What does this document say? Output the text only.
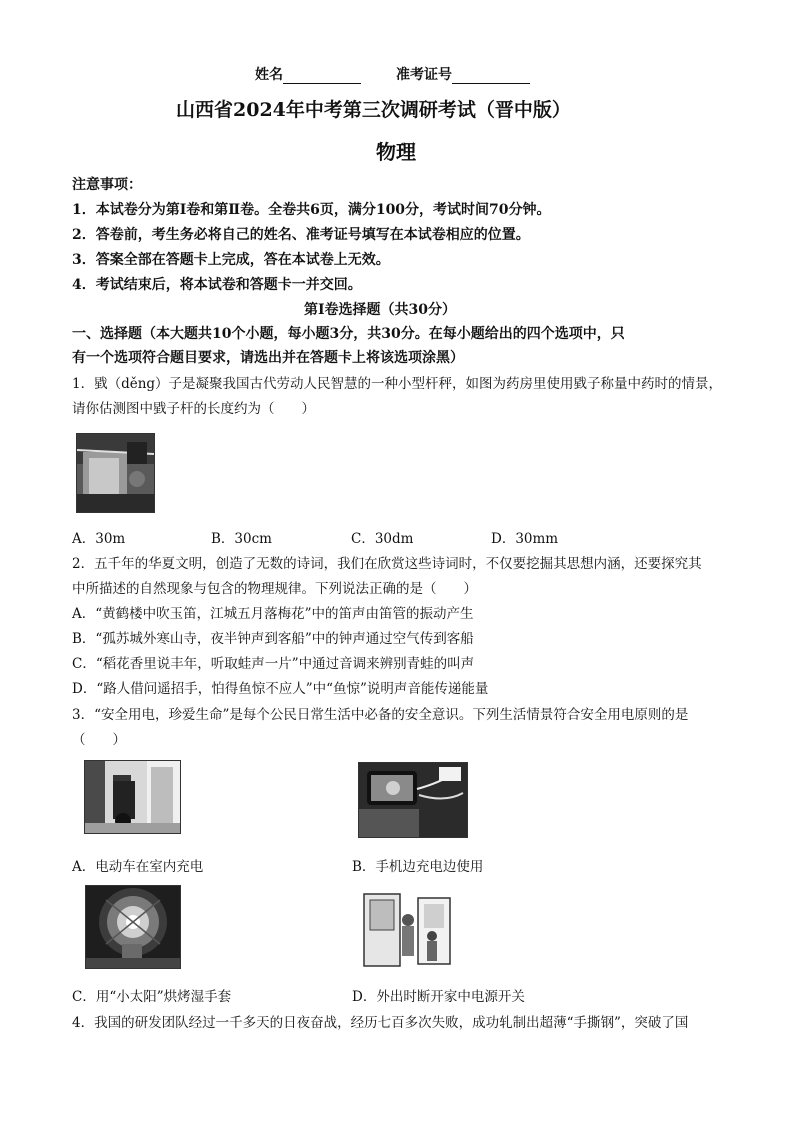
姓名	准考证号
山西省2024年中考第三次调研考试（晋中版）
物理
注意事项：
1．本试卷分为第Ⅰ卷和第Ⅱ卷。全卷共6页，满分100分，考试时间70分钟。
2．答卷前，考生务必将自己的姓名、准考证号填写在本试卷相应的位置。
3．答案全部在答题卡上完成，答在本试卷上无效。
4．考试结束后，将本试卷和答题卡一并交回。
第Ⅰ卷选择题（共30分）
一、选择题（本大题共10个小题，每小题3分，共30分。在每小题给出的四个选项中，只
有一个选项符合题目要求，请选出并在答题卡上将该选项涂黑）
1．戥（děng）子是凝聚我国古代劳动人民智慧的一种小型杆秤，如图为药房里使用戥子称量中药时的情景，
请你估测图中戥子杆的长度约为（　　）
A．30m	B．30cm	C．30dm	D．30mm
2．五千年的华夏文明，创造了无数的诗词，我们在欣赏这些诗词时，不仅要挖掘其思想内涵，还要探究其
中所描述的自然现象与包含的物理规律。下列说法正确的是（　　）
A．“黄鹤楼中吹玉笛，江城五月落梅花”中的笛声由笛管的振动产生
B．“孤苏城外寒山寺，夜半钟声到客船”中的钟声通过空气传到客船
C．“稻花香里说丰年，听取蛙声一片”中通过音调来辨别青蛙的叫声
D．“路人借问遥招手，怕得鱼惊不应人”中“鱼惊”说明声音能传递能量
3．“安全用电，珍爱生命”是每个公民日常生活中必备的安全意识。下列生活情景符合安全用电原则的是
（　　）
A．电动车在室内充电	B．手机边充电边使用
C．用“小太阳”烘烤湿手套	D．外出时断开家中电源开关
4．我国的研发团队经过一千多天的日夜奋战，经历七百多次失败，成功轧制出超薄“手撕钢”，突破了国
